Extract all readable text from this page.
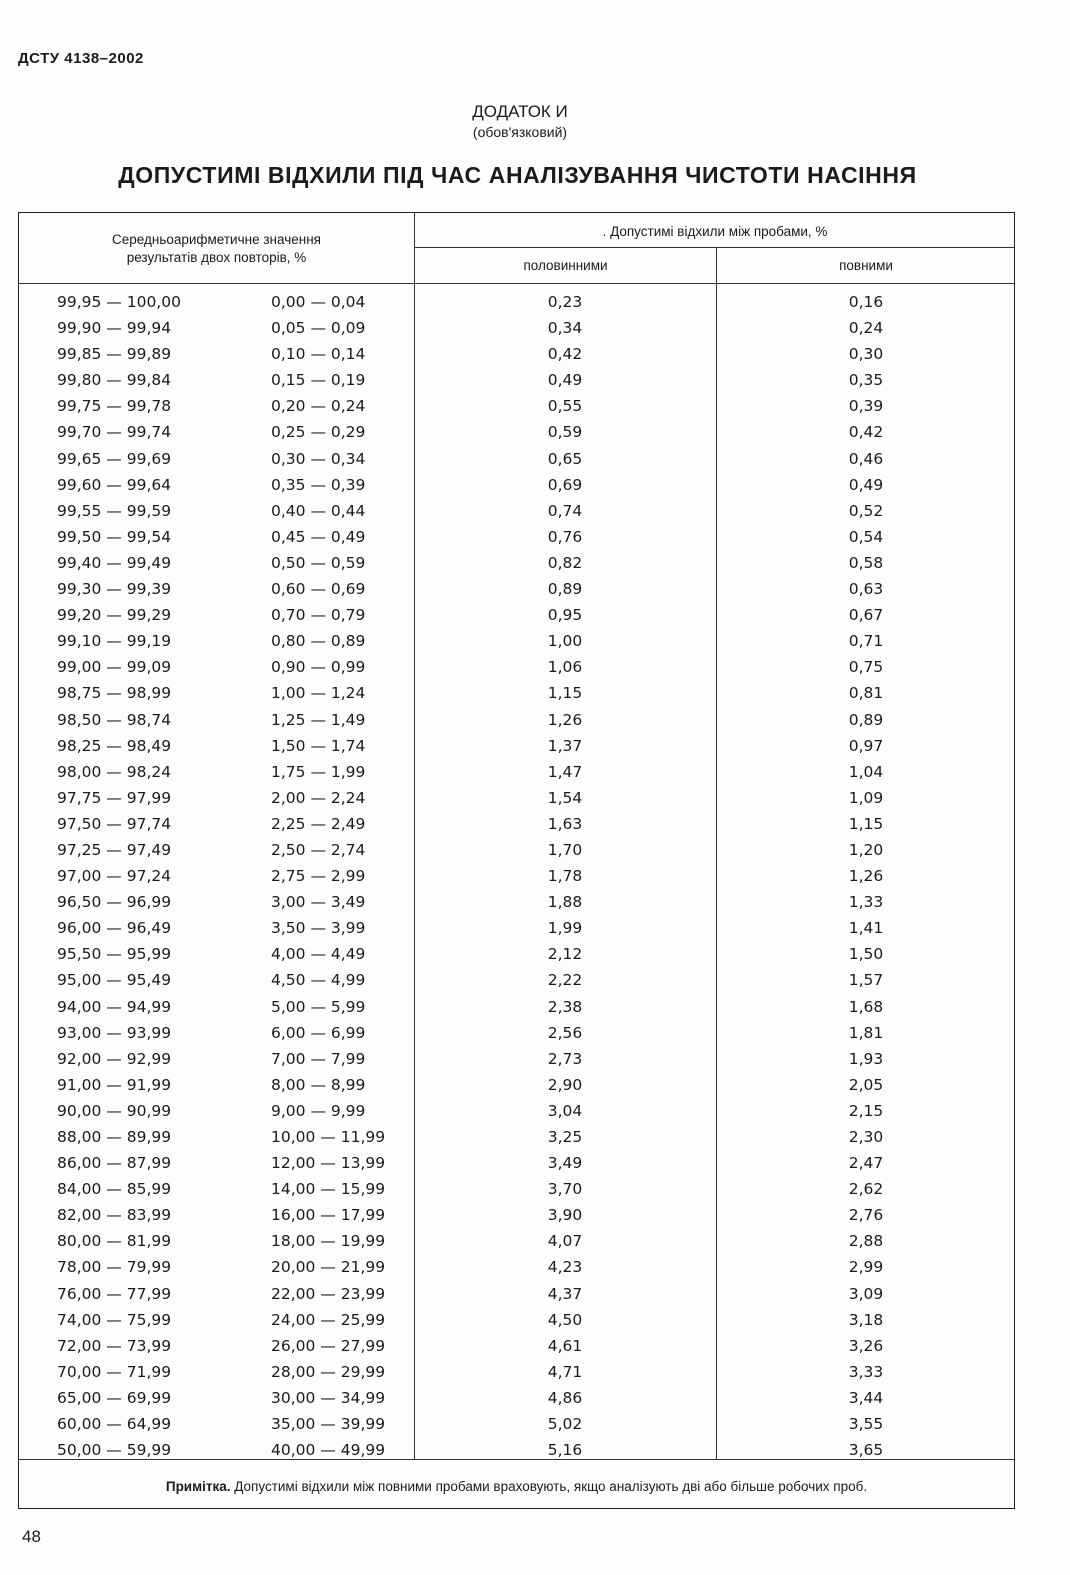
ДСТУ 4138–2002
ДОДАТОК И
(обов'язковий)
ДОПУСТИМІ ВІДХИЛИ ПІД ЧАС АНАЛІЗУВАННЯ ЧИСТОТИ НАСІННЯ
Середньоарифметичне значення
результатів двох повторів, %
. Допустимі відхили між пробами, %
половинними	повними
99,95 — 100,00	0,00 — 0,04	0,23	0,16
99,90 — 99,94	0,05 — 0,09	0,34	0,24
99,85 — 99,89	0,10 — 0,14	0,42	0,30
99,80 — 99,84	0,15 — 0,19	0,49	0,35
99,75 — 99,78	0,20 — 0,24	0,55	0,39
99,70 — 99,74	0,25 — 0,29	0,59	0,42
99,65 — 99,69	0,30 — 0,34	0,65	0,46
99,60 — 99,64	0,35 — 0,39	0,69	0,49
99,55 — 99,59	0,40 — 0,44	0,74	0,52
99,50 — 99,54	0,45 — 0,49	0,76	0,54
99,40 — 99,49	0,50 — 0,59	0,82	0,58
99,30 — 99,39	0,60 — 0,69	0,89	0,63
99,20 — 99,29	0,70 — 0,79	0,95	0,67
99,10 — 99,19	0,80 — 0,89	1,00	0,71
99,00 — 99,09	0,90 — 0,99	1,06	0,75
98,75 — 98,99	1,00 — 1,24	1,15	0,81
98,50 — 98,74	1,25 — 1,49	1,26	0,89
98,25 — 98,49	1,50 — 1,74	1,37	0,97
98,00 — 98,24	1,75 — 1,99	1,47	1,04
97,75 — 97,99	2,00 — 2,24	1,54	1,09
97,50 — 97,74	2,25 — 2,49	1,63	1,15
97,25 — 97,49	2,50 — 2,74	1,70	1,20
97,00 — 97,24	2,75 — 2,99	1,78	1,26
96,50 — 96,99	3,00 — 3,49	1,88	1,33
96,00 — 96,49	3,50 — 3,99	1,99	1,41
95,50 — 95,99	4,00 — 4,49	2,12	1,50
95,00 — 95,49	4,50 — 4,99	2,22	1,57
94,00 — 94,99	5,00 — 5,99	2,38	1,68
93,00 — 93,99	6,00 — 6,99	2,56	1,81
92,00 — 92,99	7,00 — 7,99	2,73	1,93
91,00 — 91,99	8,00 — 8,99	2,90	2,05
90,00 — 90,99	9,00 — 9,99	3,04	2,15
88,00 — 89,99	10,00 — 11,99	3,25	2,30
86,00 — 87,99	12,00 — 13,99	3,49	2,47
84,00 — 85,99	14,00 — 15,99	3,70	2,62
82,00 — 83,99	16,00 — 17,99	3,90	2,76
80,00 — 81,99	18,00 — 19,99	4,07	2,88
78,00 — 79,99	20,00 — 21,99	4,23	2,99
76,00 — 77,99	22,00 — 23,99	4,37	3,09
74,00 — 75,99	24,00 — 25,99	4,50	3,18
72,00 — 73,99	26,00 — 27,99	4,61	3,26
70,00 — 71,99	28,00 — 29,99	4,71	3,33
65,00 — 69,99	30,00 — 34,99	4,86	3,44
60,00 — 64,99	35,00 — 39,99	5,02	3,55
50,00 — 59,99	40,00 — 49,99	5,16	3,65
Примітка. Допустимі відхили між повними пробами враховують, якщо аналізують дві або більше робочих проб.
48
